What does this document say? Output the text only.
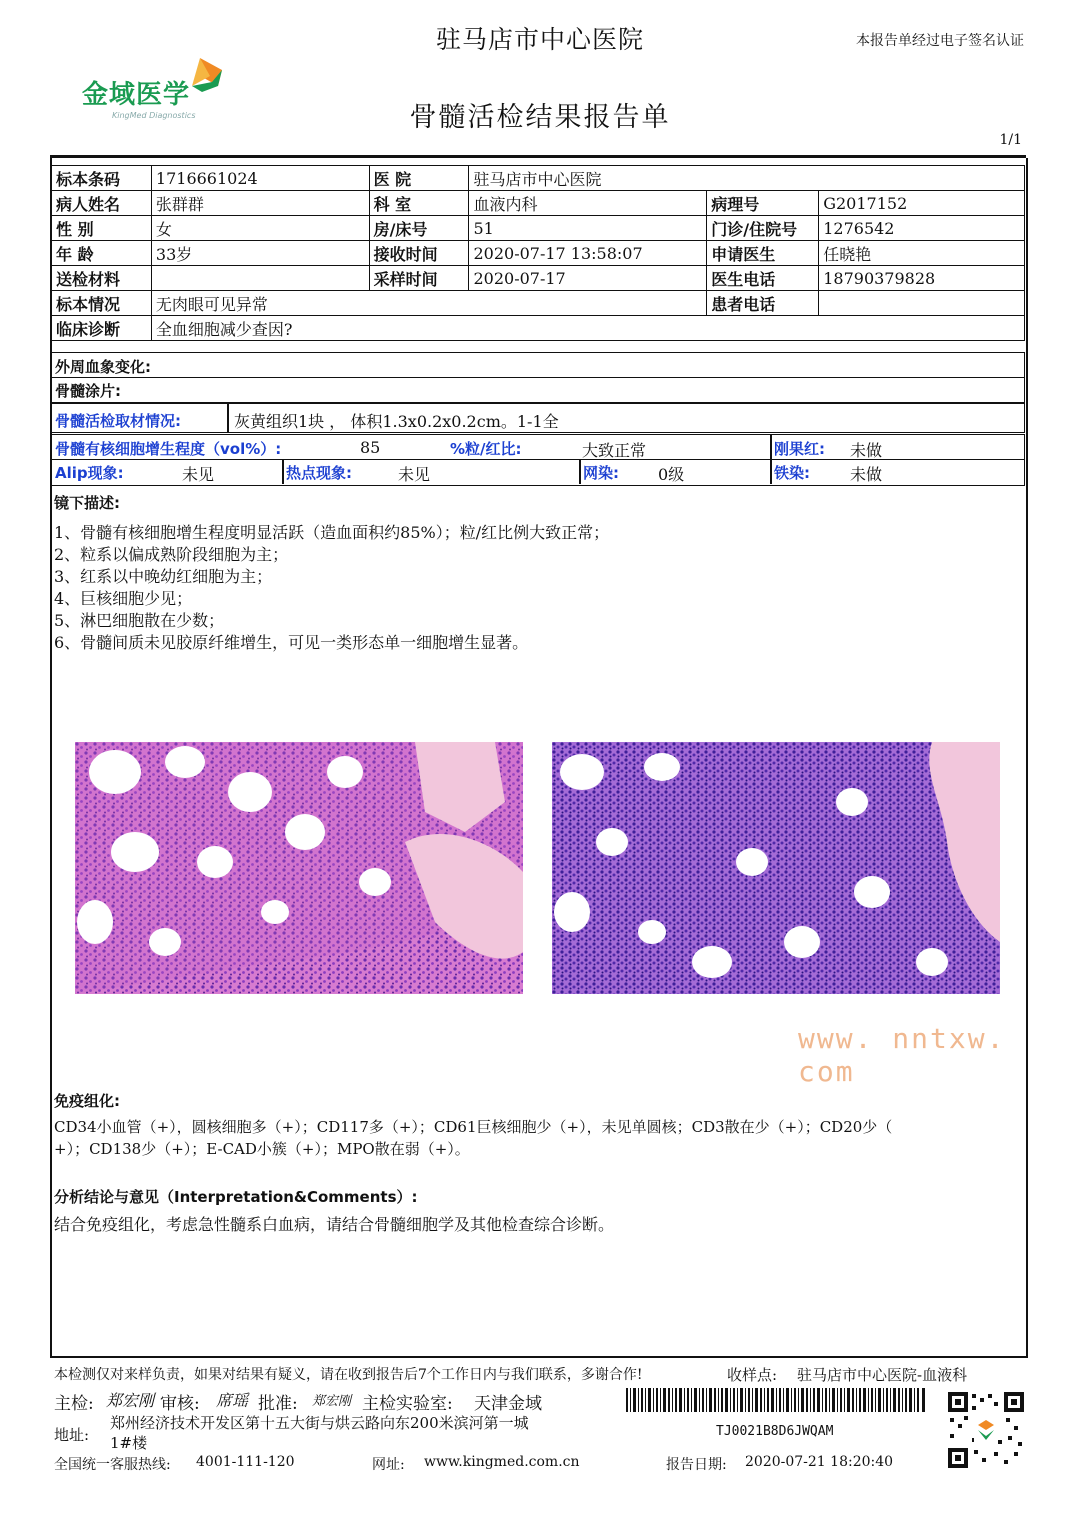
驻马店市中心医院	本报告单经过电子签名认证
金域医学
KingMed Diagnostics	骨髓活检结果报告单
1/1
标本条码	1716661024	医 院	驻马店市中心医院		
病人姓名	张群群	科 室	血液内科	病理号	G2017152
性 别	女	房/床号	51	门诊/住院号	1276542
年 龄	33岁	接收时间	2020-07-17 13:58:07	申请医生	任晓艳
送检材料		采样时间	2020-07-17	医生电话	18790379828
标本情况	无肉眼可见异常			患者电话	
临床诊断	全血细胞减少查因?				
外周血象变化:
骨髓涂片:
骨髓活检取材情况:	灰黄组织1块 ， 体积1.3x0.2x0.2cm。1-1全
骨髓有核细胞增生程度（vol%）:	85	%粒/红比:	大致正常	刚果红: 未做
Alip现象:	未见	热点现象:	未见	网染: 0级	铁染:	未做
镜下描述:
1、骨髓有核细胞增生程度明显活跃（造血面积约85%）；粒/红比例大致正常；
2、粒系以偏成熟阶段细胞为主；
3、红系以中晚幼红细胞为主；
4、巨核细胞少见；
5、淋巴细胞散在少数；
6、骨髓间质未见胶原纤维增生，可见一类形态单一细胞增生显著。
www. nntxw. com
免疫组化:
CD34小血管（+），圆核细胞多（+）；CD117多（+）；CD61巨核细胞少（+），未见单圆核；CD3散在少（+）；CD20少（
+）；CD138少（+）；E-CAD小簇（+）；MPO散在弱（+）。
分析结论与意见（Interpretation&Comments）:
结合免疫组化，考虑急性髓系白血病，请结合骨髓细胞学及其他检查综合诊断。
本检测仅对来样负责，如果对结果有疑义，请在收到报告后7个工作日内与我们联系，多谢合作!	收样点: 驻马店市中心医院-血液科
主检: 郑宏刚 审核: 席瑶 批准: 郑宏刚 主检实验室: 天津金域
地址:
郑州经济技术开发区第十五大街与烘云路向东200米滨河第一城
1#楼
TJ0021B8D6JWQAM
全国统一客服热线: 4001-111-120	网址: www.kingmed.com.cn	报告日期: 2020-07-21 18:20:40
